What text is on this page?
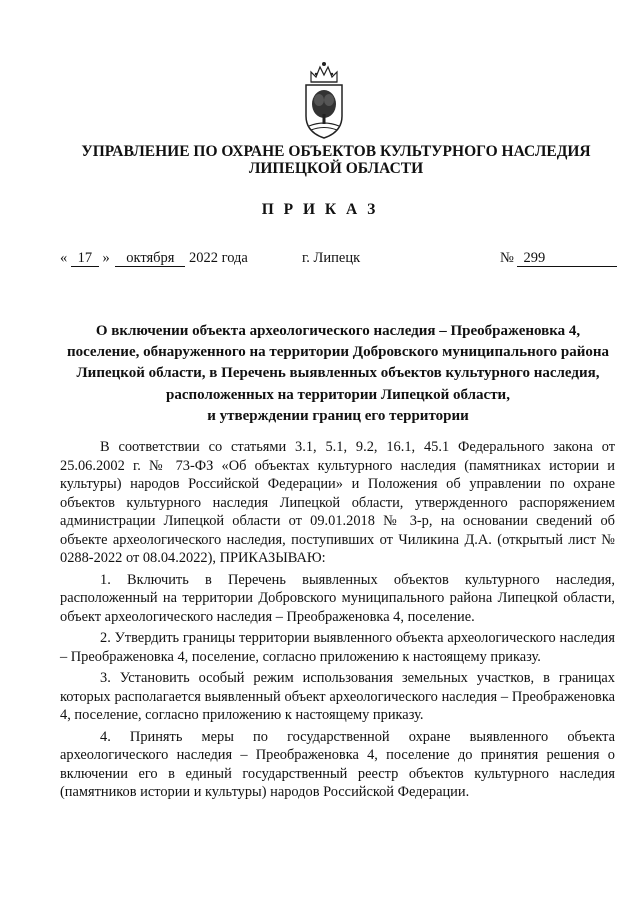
УПРАВЛЕНИЕ ПО ОХРАНЕ ОБЪЕКТОВ КУЛЬТУРНОГО НАСЛЕДИЯ
ЛИПЕЦКОЙ ОБЛАСТИ
П Р И К А З
« 17 » октября 2022 года	г. Липецк	№ 299
О включении объекта археологического наследия – Преображеновка 4,
поселение, обнаруженного на территории Добровского муниципального района
Липецкой области, в Перечень выявленных объектов культурного наследия,
расположенных на территории Липецкой области,
и утверждении границ его территории

В соответствии со статьями 3.1, 5.1, 9.2, 16.1, 45.1 Федерального закона от 25.06.2002 г. № 73-ФЗ «Об объектах культурного наследия (памятниках истории и культуры) народов Российской Федерации» и Положения об управлении по охране объектов культурного наследия Липецкой области, утвержденного распоряжением администрации Липецкой области от 09.01.2018 № 3-р, на основании сведений об объекте археологического наследия, поступивших от Чиликина Д.А. (открытый лист № 0288-2022 от 08.04.2022), ПРИКАЗЫВАЮ:

1. Включить в Перечень выявленных объектов культурного наследия, расположенный на территории Добровского муниципального района Липецкой области, объект археологического наследия – Преображеновка 4, поселение.

2. Утвердить границы территории выявленного объекта археологического наследия – Преображеновка 4, поселение, согласно приложению к настоящему приказу.

3. Установить особый режим использования земельных участков, в границах которых располагается выявленный объект археологического наследия – Преображеновка 4, поселение, согласно приложению к настоящему приказу.

4. Принять меры по государственной охране выявленного объекта археологического наследия – Преображеновка 4, поселение до принятия решения о включении его в единый государственный реестр объектов культурного наследия (памятников истории и культуры) народов Российской Федерации.
